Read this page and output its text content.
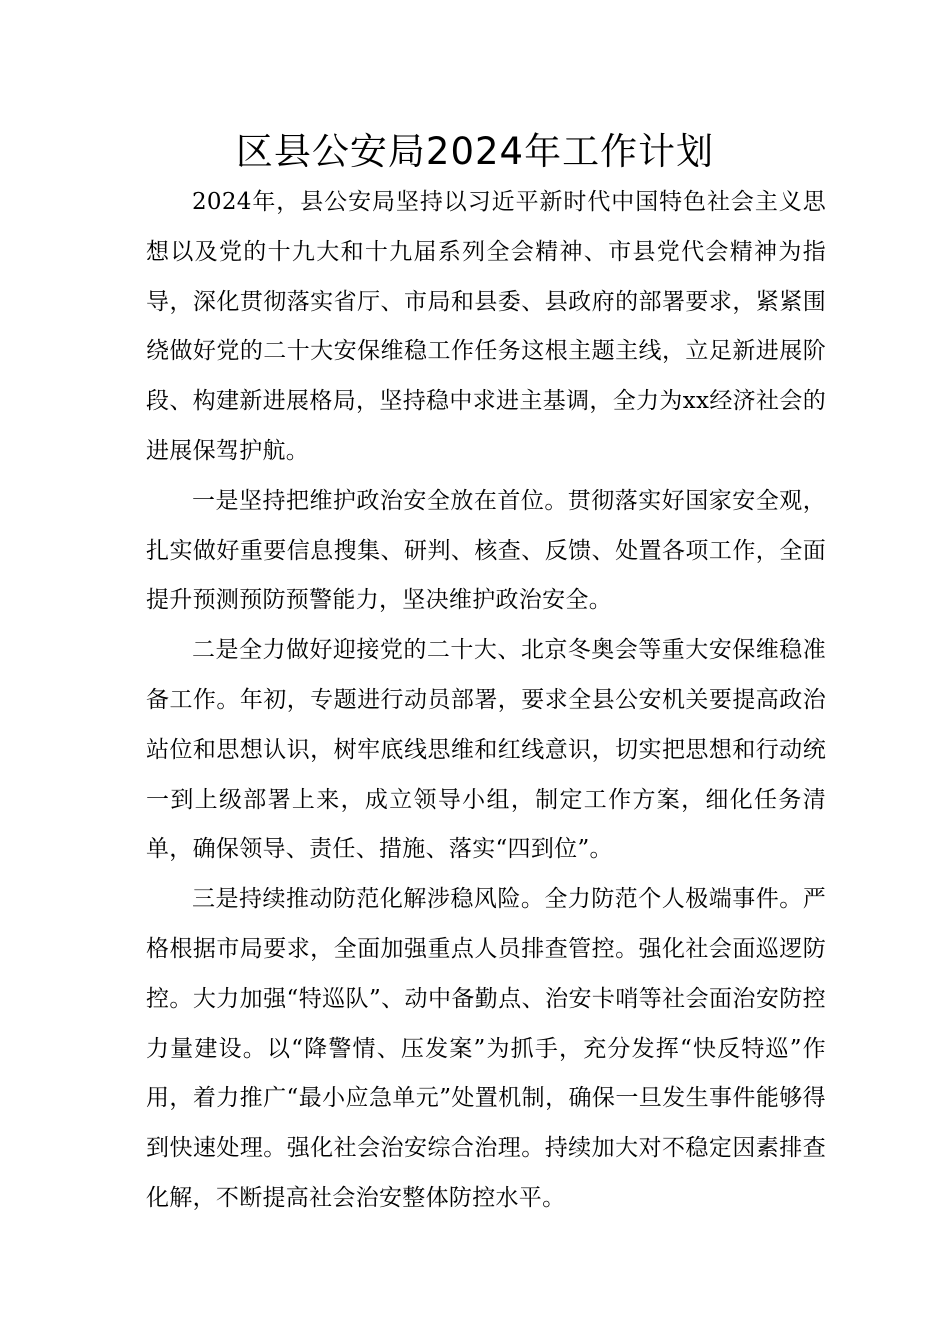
区县公安局2024年工作计划

2024年，县公安局坚持以习近平新时代中国特色社会主义思想以及党的十九大和十九届系列全会精神、市县党代会精神为指导，深化贯彻落实省厅、市局和县委、县政府的部署要求，紧紧围绕做好党的二十大安保维稳工作任务这根主题主线，立足新进展阶段、构建新进展格局，坚持稳中求进主基调，全力为xx经济社会的进展保驾护航。

一是坚持把维护政治安全放在首位。贯彻落实好国家安全观，扎实做好重要信息搜集、研判、核查、反馈、处置各项工作，全面提升预测预防预警能力，坚决维护政治安全。

二是全力做好迎接党的二十大、北京冬奥会等重大安保维稳准备工作。年初，专题进行动员部署，要求全县公安机关要提高政治站位和思想认识，树牢底线思维和红线意识，切实把思想和行动统一到上级部署上来，成立领导小组，制定工作方案，细化任务清单，确保领导、责任、措施、落实“四到位”。

三是持续推动防范化解涉稳风险。全力防范个人极端事件。严格根据市局要求，全面加强重点人员排查管控。强化社会面巡逻防控。大力加强“特巡队”、动中备勤点、治安卡哨等社会面治安防控力量建设。以“降警情、压发案”为抓手，充分发挥“快反特巡”作用，着力推广“最小应急单元”处置机制，确保一旦发生事件能够得到快速处理。强化社会治安综合治理。持续加大对不稳定因素排查化解，不断提高社会治安整体防控水平。
